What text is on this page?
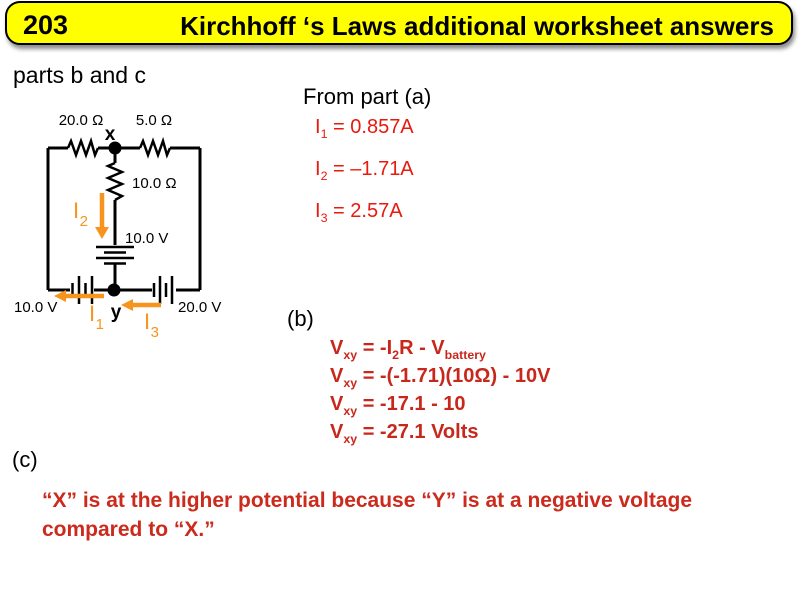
203	Kirchhoff ‘s Laws additional worksheet answers
parts b and c
20.0 Ω 5.0 Ω
10.0 Ω
10.0 V
10.0 V	20.0 V
x
y
$I_2$
$I_1$ $I_3$
From part (a)
$I_1 = 0.857A$
$I_2 = -1.71A$
$I_3 = 2.57A$
(b)
$V_{xy} = -I_2R - V_{battery}$
$V_{xy} = -(-1.71)(10\Omega) - 10V$
$V_{xy} = -17.1 - 10$
$V_{xy} = -27.1$ Volts
(c)
“X” is at the higher potential because “Y” is at a negative voltage
compared to “X.”
